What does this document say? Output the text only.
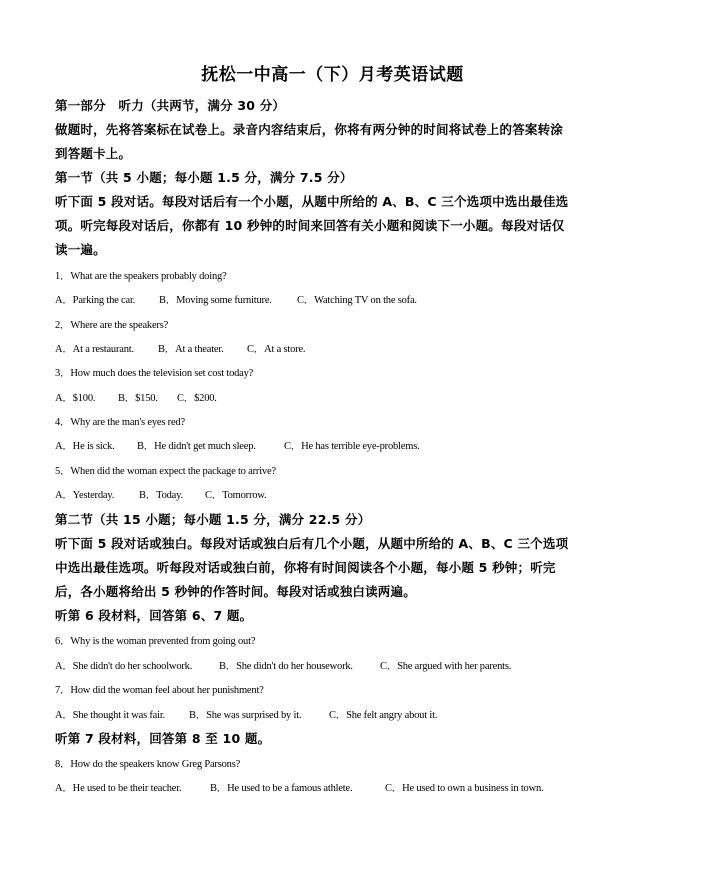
抚松一中高一（下）月考英语试题
第一部分　听力（共两节，满分 30 分）
做题时，先将答案标在试卷上。录音内容结束后，你将有两分钟的时间将试卷上的答案转涂
到答题卡上。
第一节（共 5 小题；每小题 1.5 分，满分 7.5 分）
听下面 5 段对话。每段对话后有一个小题，从题中所给的 A、B、C 三个选项中选出最佳选
项。听完每段对话后，你都有 10 秒钟的时间来回答有关小题和阅读下一小题。每段对话仅
读一遍。
1．What are the speakers probably doing?
A．Parking the car. B．Moving some furniture. C．Watching TV on the sofa.
2．Where are the speakers?
A．At a restaurant. B．At a theater. C．At a store.
3．How much does the television set cost today?
A．$100. B．$150. C．$200.
4．Why are the man's eyes red?
A．He is sick. B．He didn't get much sleep.	C．He has terrible eye-problems.
5．When did the woman expect the package to arrive?
A．Yesterday. B．Today. C．Tomorrow.
第二节（共 15 小题；每小题 1.5 分，满分 22.5 分）
听下面 5 段对话或独白。每段对话或独白后有几个小题，从题中所给的 A、B、C 三个选项
中选出最佳选项。听每段对话或独白前，你将有时间阅读各个小题，每小题 5 秒钟；听完
后，各小题将给出 5 秒钟的作答时间。每段对话或独白读两遍。
听第 6 段材料，回答第 6、7 题。
6．Why is the woman prevented from going out?
A．She didn't do her schoolwork.	B．She didn't do her housework.	C．She argued with her parents.
7．How did the woman feel about her punishment?
A．She thought it was fair. B．She was surprised by it.	C．She felt angry about it.
听第 7 段材料，回答第 8 至 10 题。
8．How do the speakers know Greg Parsons?
A．He used to be their teacher.	B．He used to be a famous athlete.	C．He used to own a business in town.
